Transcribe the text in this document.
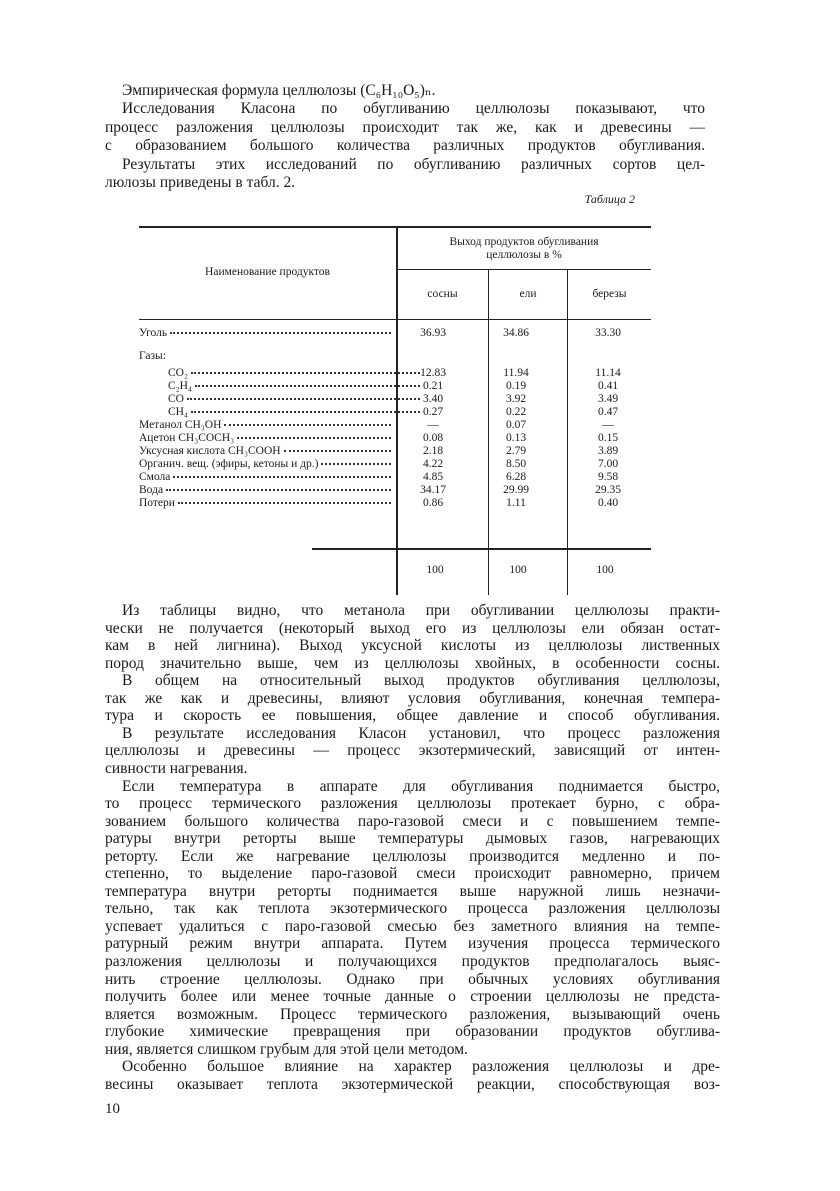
Эмпирическая формула целлюлозы (C₆H₁₀O₅)ₙ.
Исследования Класона по обугливанию целлюлозы показывают, что
процесс разложения целлюлозы происходит так же, как и древесины —
с образованием большого количества различных продуктов обугливания.
Результаты этих исследований по обугливанию различных сортов цел-
люлозы приведены в табл. 2.
Таблица 2
Наименование продуктов
Выход продуктов обугливания
целлюлозы в %
сосны	ели	березы
Уголь	36.93	34.86	33.30
Газы:
CO₂	12.83	11.94	11.14
C₂H₄	0.21	0.19	0.41
CO	3.40	3.92	3.49
CH₄	0.27	0.22	0.47
Метанол CH₃OH	—	0.07	—
Ацетон CH₃COCH₃	0.08	0.13	0.15
Уксусная кислота CH₃COOH	2.18	2.79	3.89
Органич. вещ. (эфиры, кетоны и др.)	4.22	8.50	7.00
Смола	4.85	6.28	9.58
Вода	34.17	29.99	29.35
Потери	0.86	1.11	0.40
100	100	100
Из таблицы видно, что метанола при обугливании целлюлозы практи-
чески не получается (некоторый выход его из целлюлозы ели обязан остат-
кам в ней лигнина). Выход уксусной кислоты из целлюлозы лиственных
пород значительно выше, чем из целлюлозы хвойных, в особенности сосны.
В общем на относительный выход продуктов обугливания целлюлозы,
так же как и древесины, влияют условия обугливания, конечная темпера-
тура и скорость ее повышения, общее давление и способ обугливания.
В результате исследования Класон установил, что процесс разложения
целлюлозы и древесины — процесс экзотермический, зависящий от интен-
сивности нагревания.
Если температура в аппарате для обугливания поднимается быстро,
то процесс термического разложения целлюлозы протекает бурно, с обра-
зованием большого количества паро-газовой смеси и с повышением темпе-
ратуры внутри реторты выше температуры дымовых газов, нагревающих
реторту. Если же нагревание целлюлозы производится медленно и по-
степенно, то выделение паро-газовой смеси происходит равномерно, причем
температура внутри реторты поднимается выше наружной лишь незначи-
тельно, так как теплота экзотермического процесса разложения целлюлозы
успевает удалиться с паро-газовой смесью без заметного влияния на темпе-
ратурный режим внутри аппарата. Путем изучения процесса термического
разложения целлюлозы и получающихся продуктов предполагалось выяс-
нить строение целлюлозы. Однако при обычных условиях обугливания
получить более или менее точные данные о строении целлюлозы не предста-
вляется возможным. Процесс термического разложения, вызывающий очень
глубокие химические превращения при образовании продуктов обуглива-
ния, является слишком грубым для этой цели методом.
Особенно большое влияние на характер разложения целлюлозы и дре-
весины оказывает теплота экзотермической реакции, способствующая воз-
10
